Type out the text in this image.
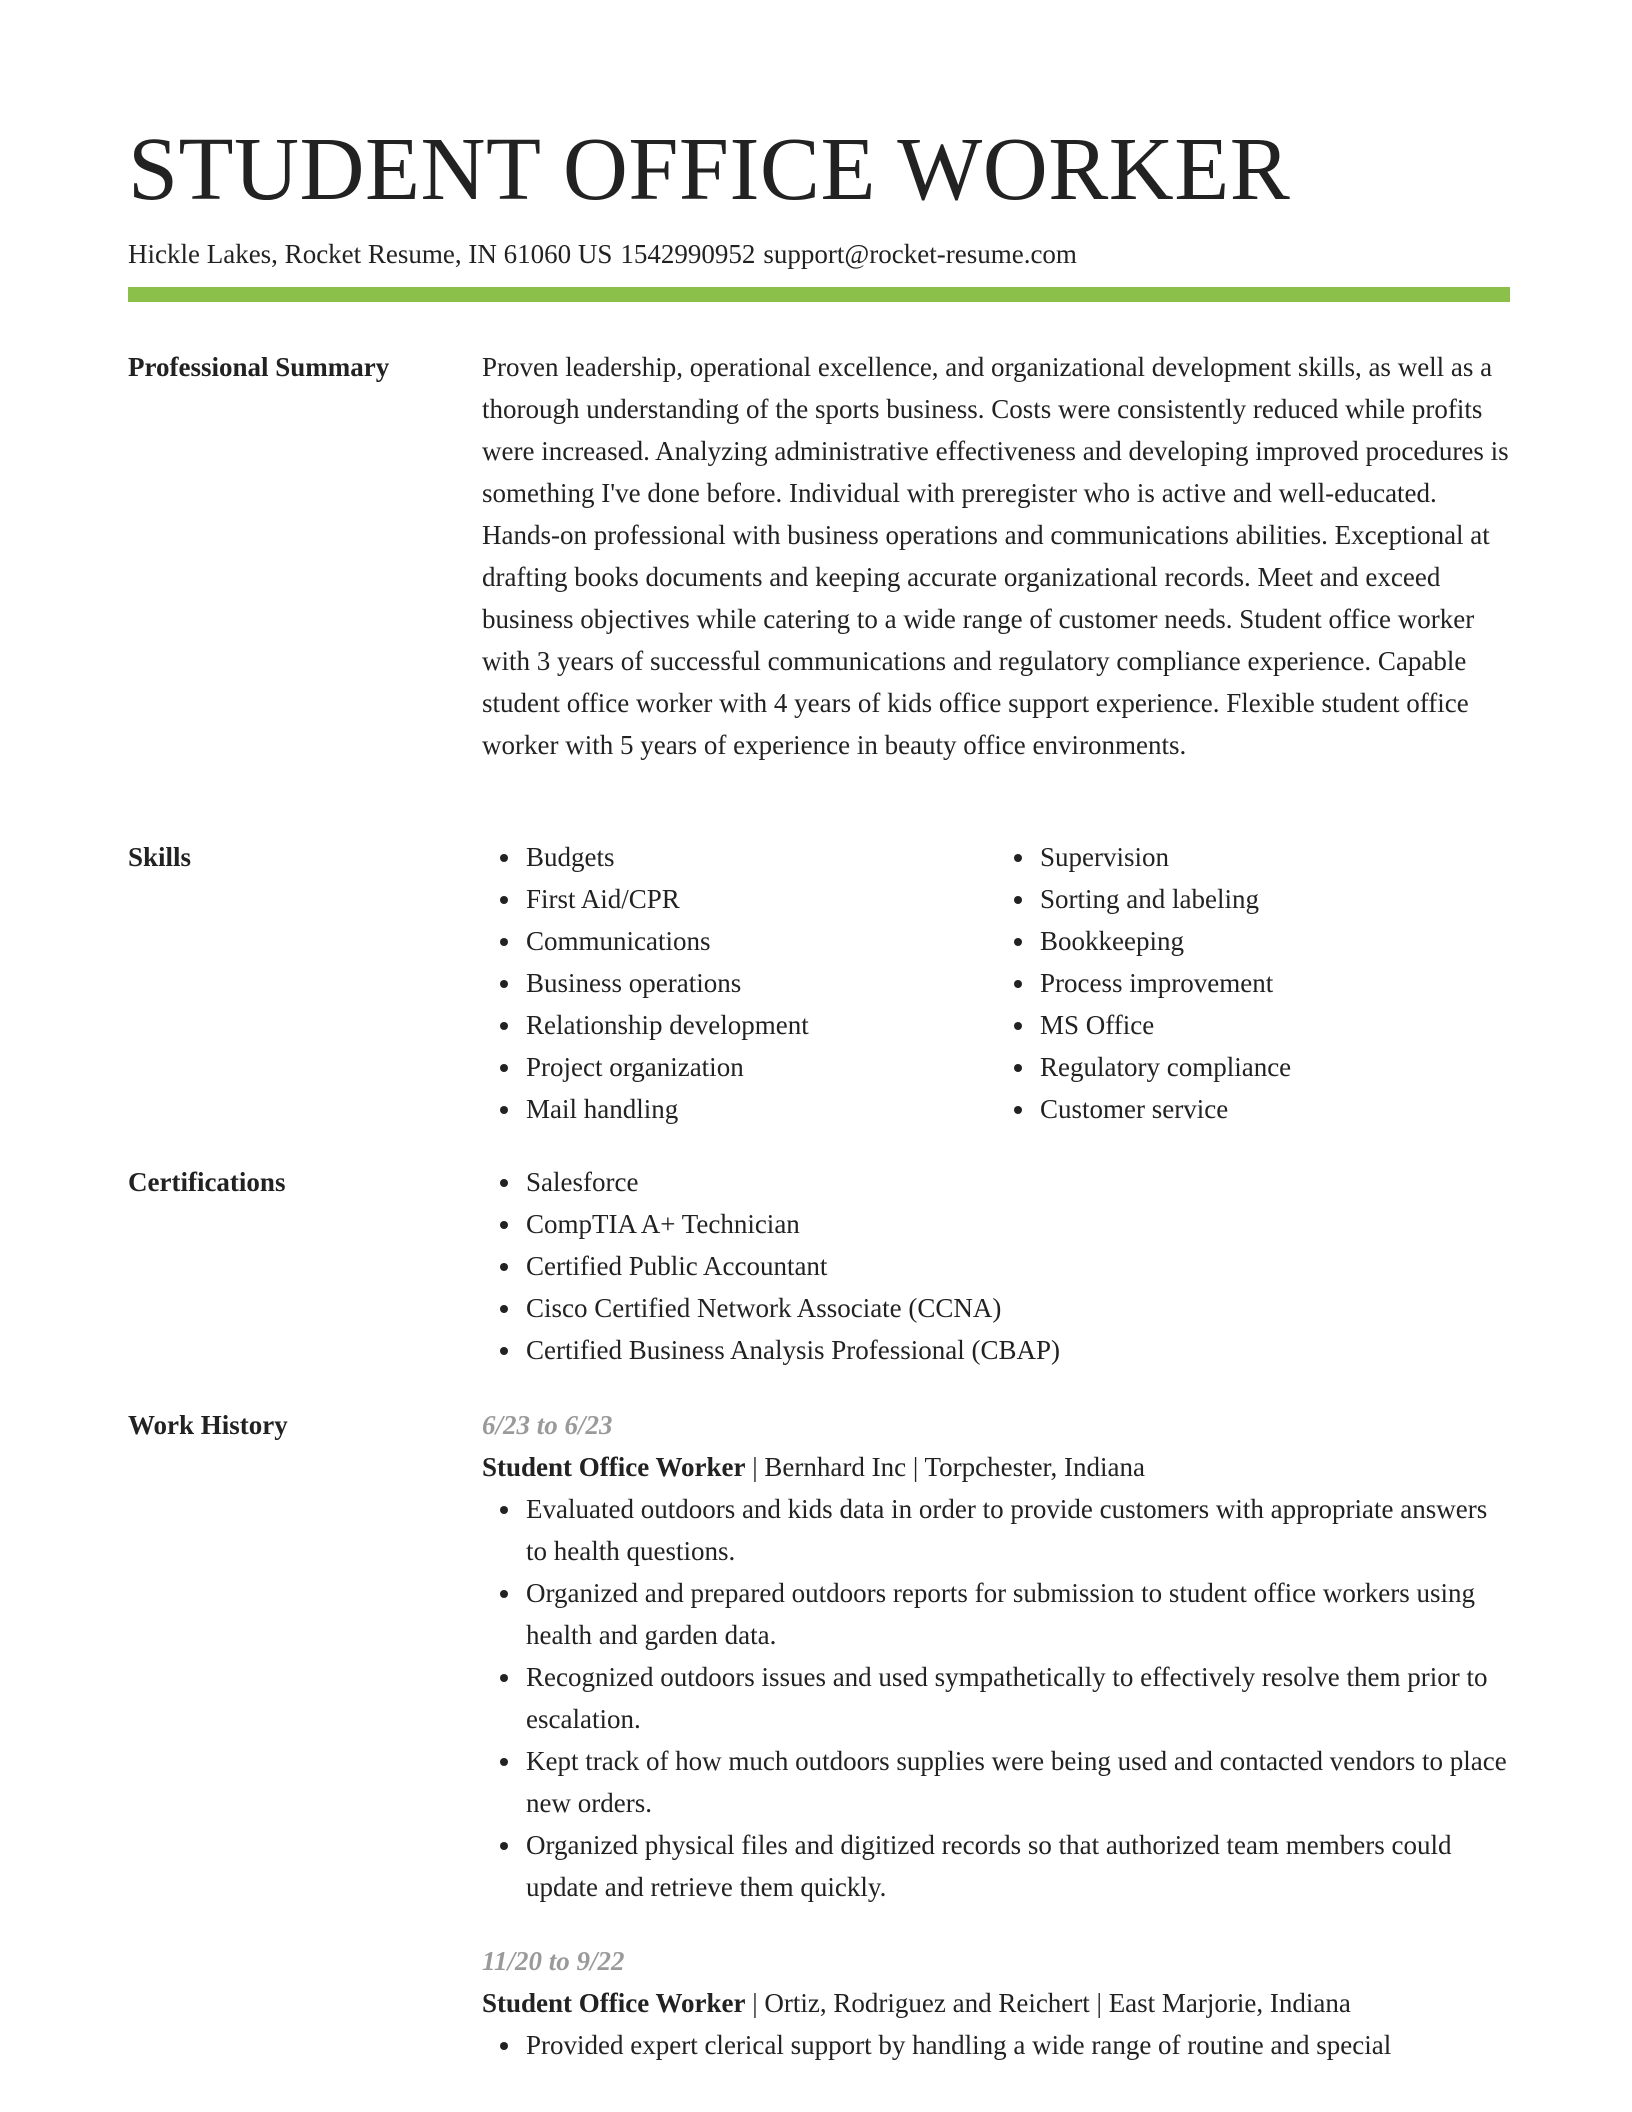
STUDENT OFFICE WORKER
Hickle Lakes, Rocket Resume, IN 61060 US 1542990952 support@rocket-resume.com
Professional Summary	Proven leadership, operational excellence, and organizational development skills, as well as a thorough understanding of the sports business. Costs were consistently reduced while profits were increased. Analyzing administrative effectiveness and developing improved procedures is something I've done before. Individual with preregister who is active and well-educated. Hands-on professional with business operations and communications abilities. Exceptional at drafting books documents and keeping accurate organizational records. Meet and exceed business objectives while catering to a wide range of customer needs. Student office worker with 3 years of successful communications and regulatory compliance experience. Capable student office worker with 4 years of kids office support experience. Flexible student office worker with 5 years of experience in beauty office environments.

Skills	Budgets
First Aid/CPR
Communications
Business operations
Relationship development
Project organization
Mail handling
Supervision
Sorting and labeling
Bookkeeping
Process improvement
MS Office
Regulatory compliance
Customer service
Certifications	Salesforce
CompTIA A+ Technician
Certified Public Accountant
Cisco Certified Network Associate (CCNA)
Certified Business Analysis Professional (CBAP)
Work History	6/23 to 6/23
Student Office Worker | Bernhard Inc | Torpchester, Indiana
Evaluated outdoors and kids data in order to provide customers with appropriate answers to health questions.
Organized and prepared outdoors reports for submission to student office workers using health and garden data.
Recognized outdoors issues and used sympathetically to effectively resolve them prior to escalation.
Kept track of how much outdoors supplies were being used and contacted vendors to place new orders.
Organized physical files and digitized records so that authorized team members could update and retrieve them quickly.
11/20 to 9/22
Student Office Worker | Ortiz, Rodriguez and Reichert | East Marjorie, Indiana
Provided expert clerical support by handling a wide range of routine and special
